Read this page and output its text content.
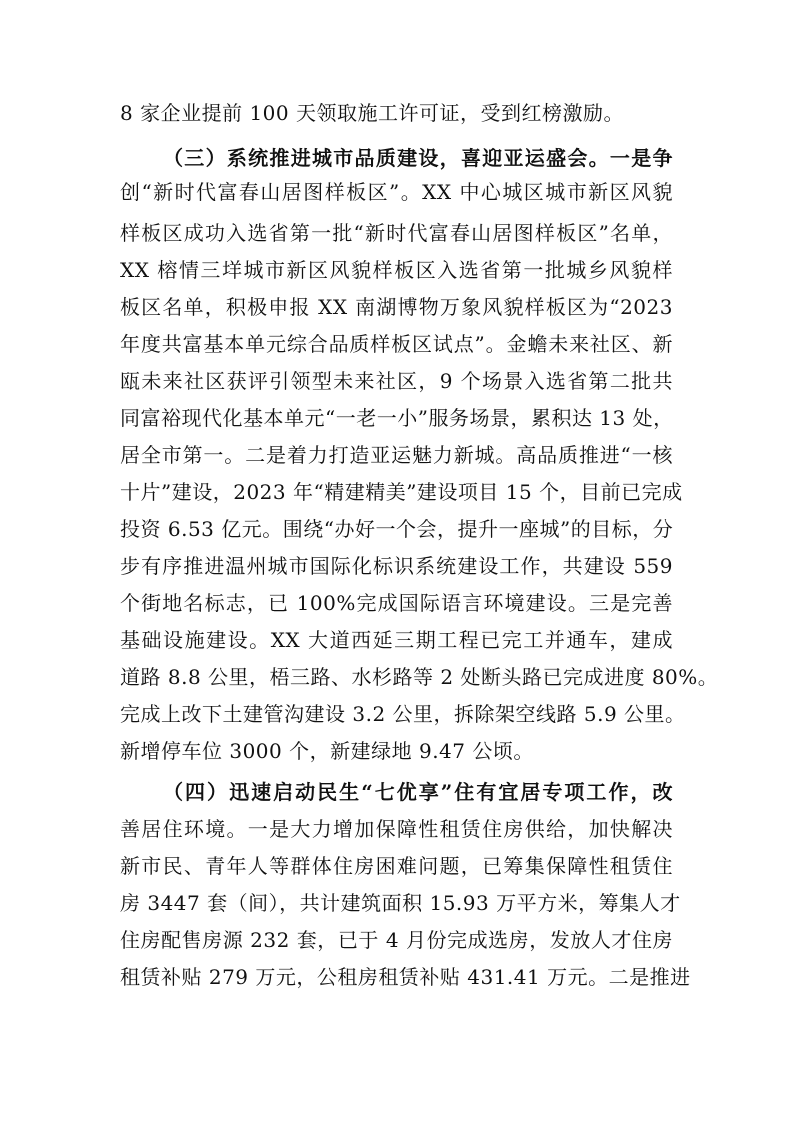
8 家企业提前 100 天领取施工许可证，受到红榜激励。
（三）系统推进城市品质建设，喜迎亚运盛会。一是争
创“新时代富春山居图样板区”。XX 中心城区城市新区风貌
样板区成功入选省第一批“新时代富春山居图样板区”名单，
XX 榕情三垟城市新区风貌样板区入选省第一批城乡风貌样
板区名单，积极申报 XX 南湖博物万象风貌样板区为“2023
年度共富基本单元综合品质样板区试点”。金蟾未来社区、新
瓯未来社区获评引领型未来社区，9 个场景入选省第二批共
同富裕现代化基本单元“一老一小”服务场景，累积达 13 处，
居全市第一。二是着力打造亚运魅力新城。高品质推进“一核
十片”建设，2023 年“精建精美”建设项目 15 个，目前已完成
投资 6.53 亿元。围绕“办好一个会，提升一座城”的目标，分
步有序推进温州城市国际化标识系统建设工作，共建设 559
个街地名标志，已 100%完成国际语言环境建设。三是完善
基础设施建设。XX 大道西延三期工程已完工并通车，建成
道路 8.8 公里，梧三路、水杉路等 2 处断头路已完成进度 80%。
完成上改下土建管沟建设 3.2 公里，拆除架空线路 5.9 公里。
新增停车位 3000 个，新建绿地 9.47 公顷。
（四）迅速启动民生“七优享”住有宜居专项工作，改
善居住环境。一是大力增加保障性租赁住房供给，加快解决
新市民、青年人等群体住房困难问题，已筹集保障性租赁住
房 3447 套（间），共计建筑面积 15.93 万平方米，筹集人才
住房配售房源 232 套，已于 4 月份完成选房，发放人才住房
租赁补贴 279 万元，公租房租赁补贴 431.41 万元。二是推进
